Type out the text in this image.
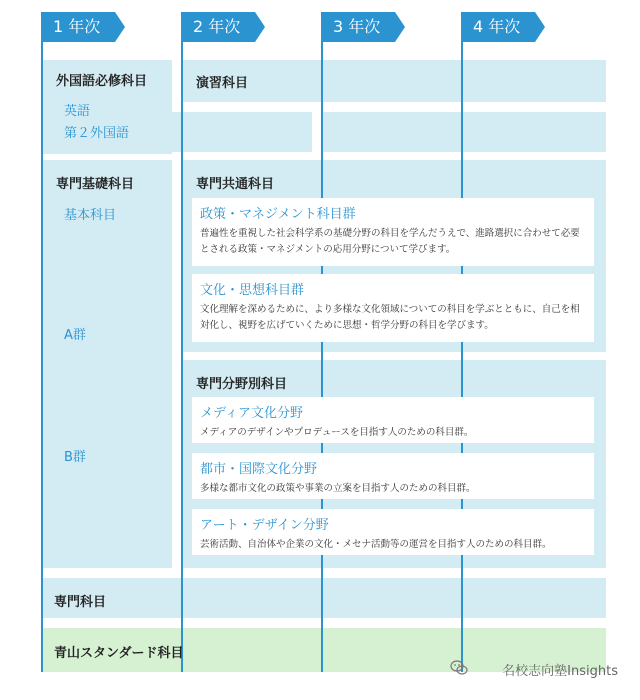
1 年次	2 年次	3 年次	4 年次
外国語必修科目
英語
第２外国語
演習科目
専門基礎科目
基本科目
A群
B群
専門共通科目
政策・マネジメント科目群
普遍性を重視した社会科学系の基礎分野の科目を学んだうえで、進路選択に合わせて必要とされる政策・マネジメントの応用分野について学びます。
文化・思想科目群
文化理解を深めるために、より多様な文化領域についての科目を学ぶとともに、自己を相対化し、視野を広げていくために思想・哲学分野の科目を学びます。
専門分野別科目
メディア文化分野
メディアのデザインやプロデュースを目指す人のための科目群。
都市・国際文化分野
多様な都市文化の政策や事業の立案を目指す人のための科目群。
アート・デザイン分野
芸術活動、自治体や企業の文化・メセナ活動等の運営を目指す人のための科目群。
専門科目
青山スタンダード科目
名校志向塾Insights
